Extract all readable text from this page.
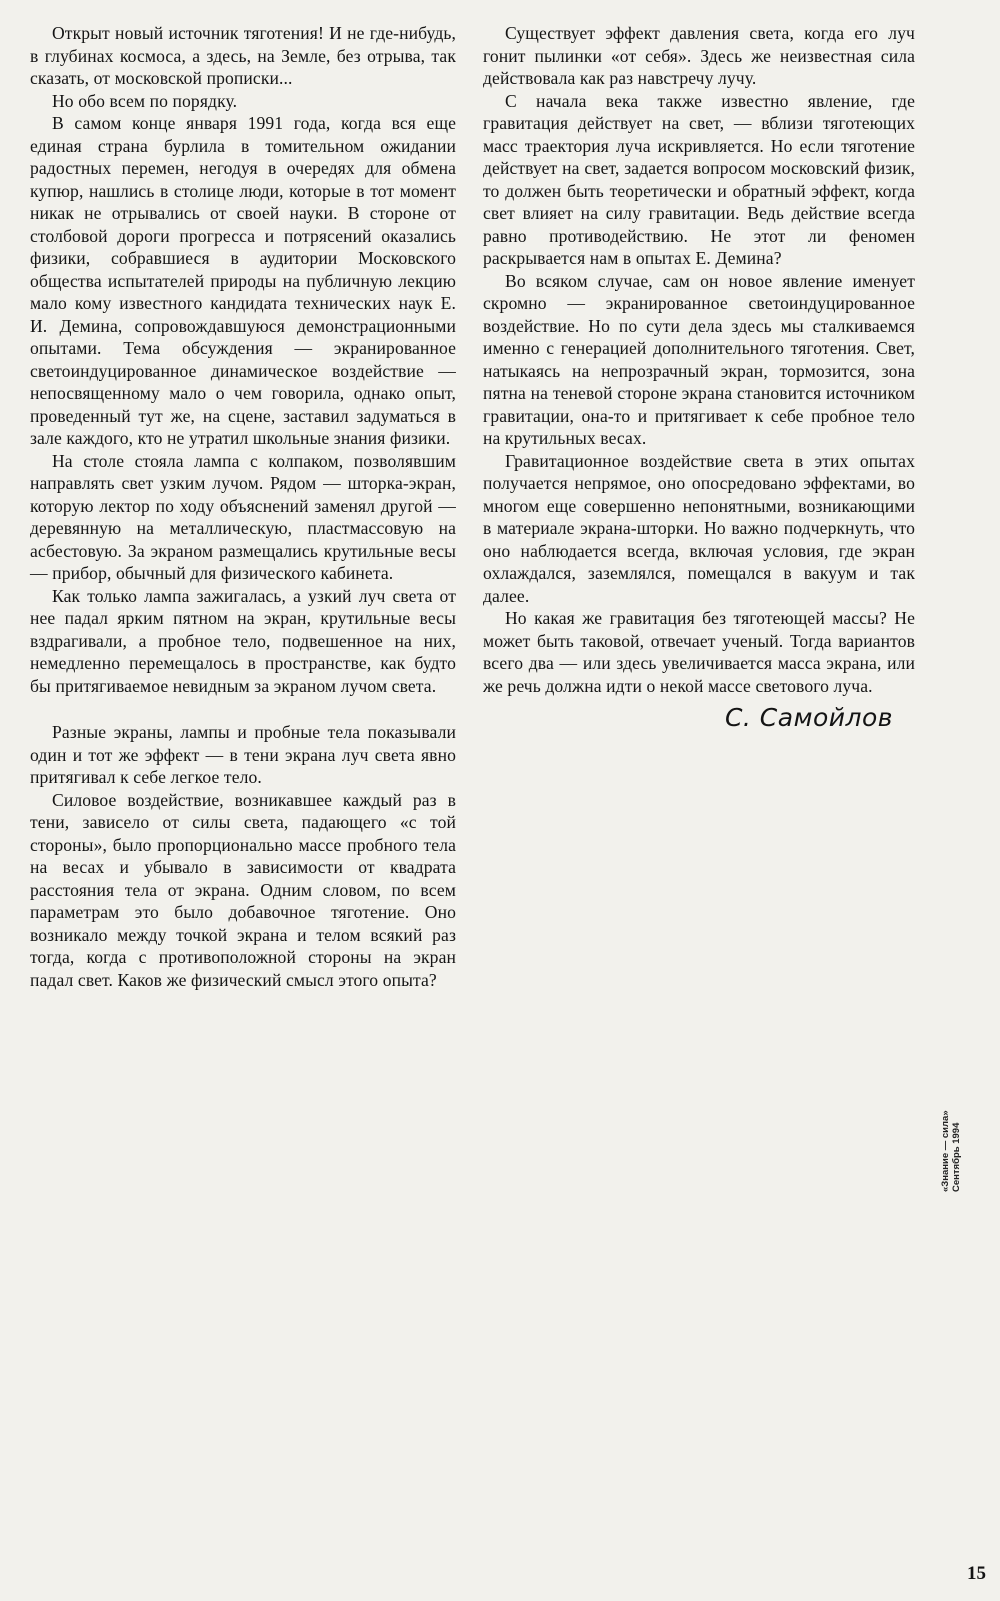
Открыт новый источник тяготения! И не где-нибудь, в глубинах космоса, а здесь, на Земле, без отрыва, так сказать, от московской прописки...

Но обо всем по порядку.

В самом конце января 1991 года, когда вся еще единая страна бурлила в томительном ожидании радостных перемен, негодуя в очередях для обмена купюр, нашлись в столице люди, которые в тот момент никак не отрывались от своей науки. В стороне от столбовой дороги прогресса и потрясений оказались физики, собравшиеся в аудитории Московского общества испытателей природы на публичную лекцию мало кому известного кандидата технических наук Е. И. Демина, сопровождавшуюся демонстрационными опытами. Тема обсуждения — экранированное светоиндуцированное динамическое воздействие — непосвященному мало о чем говорила, однако опыт, проведенный тут же, на сцене, заставил задуматься в зале каждого, кто не утратил школьные знания физики.

На столе стояла лампа с колпаком, позволявшим направлять свет узким лучом. Рядом — шторка-экран, которую лектор по ходу объяснений заменял другой — деревянную на металлическую, пластмассовую на асбестовую. За экраном размещались крутильные весы — прибор, обычный для физического кабинета.

Как только лампа зажигалась, а узкий луч света от нее падал ярким пятном на экран, крутильные весы вздрагивали, а пробное тело, подвешенное на них, немедленно перемещалось в пространстве, как будто бы притягиваемое невидным за экраном лучом света.

Разные экраны, лампы и пробные тела показывали один и тот же эффект — в тени экрана луч света явно притягивал к себе легкое тело.

Силовое воздействие, возникавшее каждый раз в тени, зависело от силы света, падающего «с той стороны», было пропорционально массе пробного тела на весах и убывало в зависимости от квадрата расстояния тела от экрана. Одним словом, по всем параметрам это было добавочное тяготение. Оно возникало между точкой экрана и телом всякий раз тогда, когда с противоположной стороны на экран падал свет. Каков же физический смысл этого опыта?

Существует эффект давления света, когда его луч гонит пылинки «от себя». Здесь же неизвестная сила действовала как раз навстречу лучу.

С начала века также известно явление, где гравитация действует на свет, — вблизи тяготеющих масс траектория луча искривляется. Но если тяготение действует на свет, задается вопросом московский физик, то должен быть теоретически и обратный эффект, когда свет влияет на силу гравитации. Ведь действие всегда равно противодействию. Не этот ли феномен раскрывается нам в опытах Е. Демина?

Во всяком случае, сам он новое явление именует скромно — экранированное светоиндуцированное воздействие. Но по сути дела здесь мы сталкиваемся именно с генерацией дополнительного тяготения. Свет, натыкаясь на непрозрачный экран, тормозится, зона пятна на теневой стороне экрана становится источником гравитации, она-то и притягивает к себе пробное тело на крутильных весах.

Гравитационное воздействие света в этих опытах получается непрямое, оно опосредовано эффектами, во многом еще совершенно непонятными, возникающими в материале экрана-шторки. Но важно подчеркнуть, что оно наблюдается всегда, включая условия, где экран охлаждался, заземлялся, помещался в вакуум и так далее.

Но какая же гравитация без тяготеющей массы? Не может быть таковой, отвечает ученый. Тогда вариантов всего два — или здесь увеличивается масса экрана, или же речь должна идти о некой массе светового луча.

С. Самойлов
«Знание — сила» Сентябрь 1994
15
